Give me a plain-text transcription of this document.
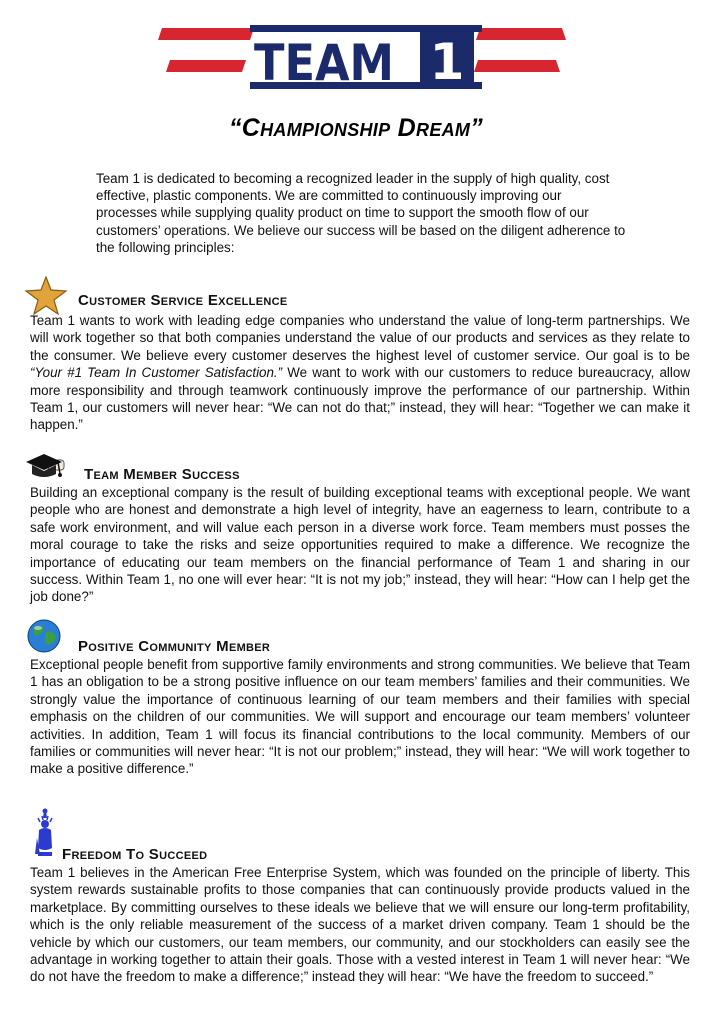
TEAM 1
“Championship Dream”
Team 1 is dedicated to becoming a recognized leader in the supply of high quality, cost effective, plastic components. We are committed to continuously improving our processes while supplying quality product on time to support the smooth flow of our customers’ operations. We believe our success will be based on the diligent adherence to the following principles:
Customer Service Excellence
Team 1 wants to work with leading edge companies who understand the value of long-term partnerships. We will work together so that both companies understand the value of our products and services as they relate to the consumer. We believe every customer deserves the highest level of customer service. Our goal is to be “Your #1 Team In Customer Satisfaction.” We want to work with our customers to reduce bureaucracy, allow more responsibility and through teamwork continuously improve the performance of our partnership. Within Team 1, our customers will never hear: “We can not do that;” instead, they will hear: “Together we can make it happen.”
Team Member Success
Building an exceptional company is the result of building exceptional teams with exceptional people. We want people who are honest and demonstrate a high level of integrity, have an eagerness to learn, contribute to a safe work environment, and will value each person in a diverse work force. Team members must posses the moral courage to take the risks and seize opportunities required to make a difference. We recognize the importance of educating our team members on the financial performance of Team 1 and sharing in our success. Within Team 1, no one will ever hear: “It is not my job;” instead, they will hear: “How can I help get the job done?”
Positive Community Member
Exceptional people benefit from supportive family environments and strong communities. We believe that Team 1 has an obligation to be a strong positive influence on our team members’ families and their communities. We strongly value the importance of continuous learning of our team members and their families with special emphasis on the children of our communities. We will support and encourage our team members’ volunteer activities. In addition, Team 1 will focus its financial contributions to the local community. Members of our families or communities will never hear: “It is not our problem;” instead, they will hear: “We will work together to make a positive difference.”
Freedom To Succeed
Team 1 believes in the American Free Enterprise System, which was founded on the principle of liberty. This system rewards sustainable profits to those companies that can continuously provide products valued in the marketplace. By committing ourselves to these ideals we believe that we will ensure our long-term profitability, which is the only reliable measurement of the success of a market driven company. Team 1 should be the vehicle by which our customers, our team members, our community, and our stockholders can easily see the advantage in working together to attain their goals. Those with a vested interest in Team 1 will never hear: “We do not have the freedom to make a difference;” instead they will hear: “We have the freedom to succeed.”
